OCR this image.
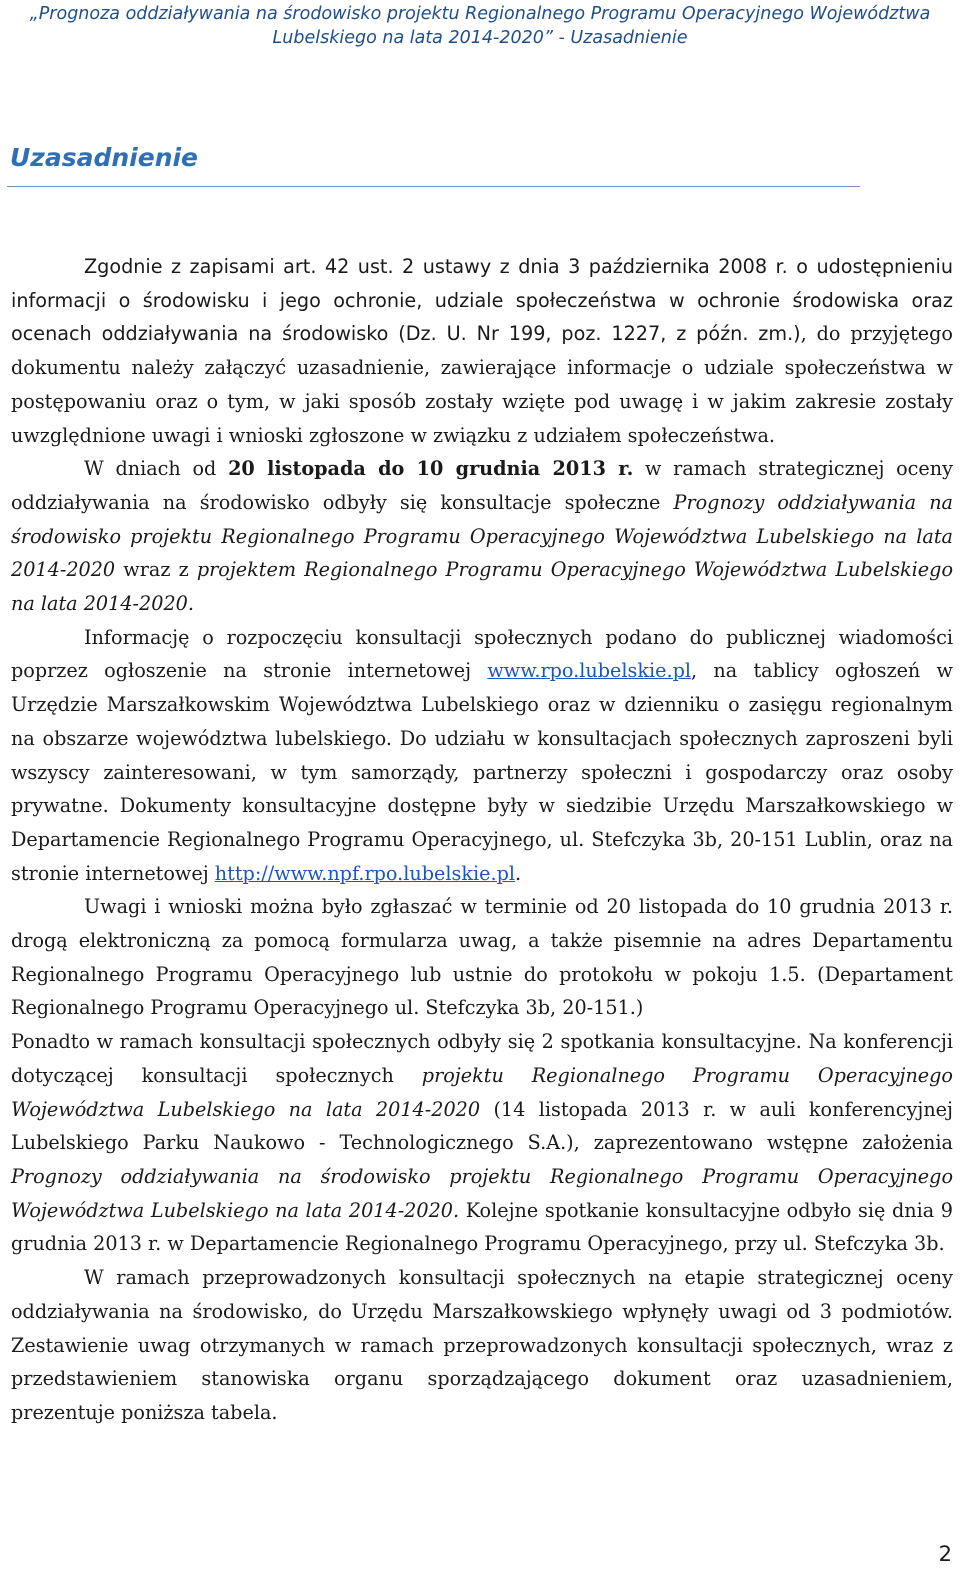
„Prognoza oddziaływania na środowisko projektu Regionalnego Programu Operacyjnego Województwa
Lubelskiego na lata 2014-2020” - Uzasadnienie
Uzasadnienie

Zgodnie z zapisami art. 42 ust. 2 ustawy z dnia 3 października 2008 r. o udostępnieniu informacji o środowisku i jego ochronie, udziale społeczeństwa w ochronie środowiska oraz ocenach oddziaływania na środowisko (Dz. U. Nr 199, poz. 1227, z późn. zm.), do przyjętego dokumentu należy załączyć uzasadnienie, zawierające informacje o udziale społeczeństwa w postępowaniu oraz o tym, w jaki sposób zostały wzięte pod uwagę i w jakim zakresie zostały uwzględnione uwagi i wnioski zgłoszone w związku z udziałem społeczeństwa.

W dniach od 20 listopada do 10 grudnia 2013 r. w ramach strategicznej oceny oddziaływania na środowisko odbyły się konsultacje społeczne Prognozy oddziaływania na środowisko projektu Regionalnego Programu Operacyjnego Województwa Lubelskiego na lata 2014-2020 wraz z projektem Regionalnego Programu Operacyjnego Województwa Lubelskiego na lata 2014-2020.

Informację o rozpoczęciu konsultacji społecznych podano do publicznej wiadomości poprzez ogłoszenie na stronie internetowej www.rpo.lubelskie.pl, na tablicy ogłoszeń w Urzędzie Marszałkowskim Województwa Lubelskiego oraz w dzienniku o zasięgu regionalnym na obszarze województwa lubelskiego. Do udziału w konsultacjach społecznych zaproszeni byli wszyscy zainteresowani, w tym samorządy, partnerzy społeczni i gospodarczy oraz osoby prywatne. Dokumenty konsultacyjne dostępne były w siedzibie Urzędu Marszałkowskiego w Departamencie Regionalnego Programu Operacyjnego, ul. Stefczyka 3b, 20-151 Lublin, oraz na stronie internetowej http://www.npf.rpo.lubelskie.pl.

Uwagi i wnioski można było zgłaszać w terminie od 20 listopada do 10 grudnia 2013 r. drogą elektroniczną za pomocą formularza uwag, a także pisemnie na adres Departamentu Regionalnego Programu Operacyjnego lub ustnie do protokołu w pokoju 1.5. (Departament Regionalnego Programu Operacyjnego ul. Stefczyka 3b, 20-151.)

Ponadto w ramach konsultacji społecznych odbyły się 2 spotkania konsultacyjne. Na konferencji dotyczącej konsultacji społecznych projektu Regionalnego Programu Operacyjnego Województwa Lubelskiego na lata 2014-2020 (14 listopada 2013 r. w auli konferencyjnej Lubelskiego Parku Naukowo - Technologicznego S.A.), zaprezentowano wstępne założenia Prognozy oddziaływania na środowisko projektu Regionalnego Programu Operacyjnego Województwa Lubelskiego na lata 2014-2020. Kolejne spotkanie konsultacyjne odbyło się dnia 9 grudnia 2013 r. w Departamencie Regionalnego Programu Operacyjnego, przy ul. Stefczyka 3b.

W ramach przeprowadzonych konsultacji społecznych na etapie strategicznej oceny oddziaływania na środowisko, do Urzędu Marszałkowskiego wpłynęły uwagi od 3 podmiotów. Zestawienie uwag otrzymanych w ramach przeprowadzonych konsultacji społecznych, wraz z przedstawieniem stanowiska organu sporządzającego dokument oraz uzasadnieniem, prezentuje poniższa tabela.

2
